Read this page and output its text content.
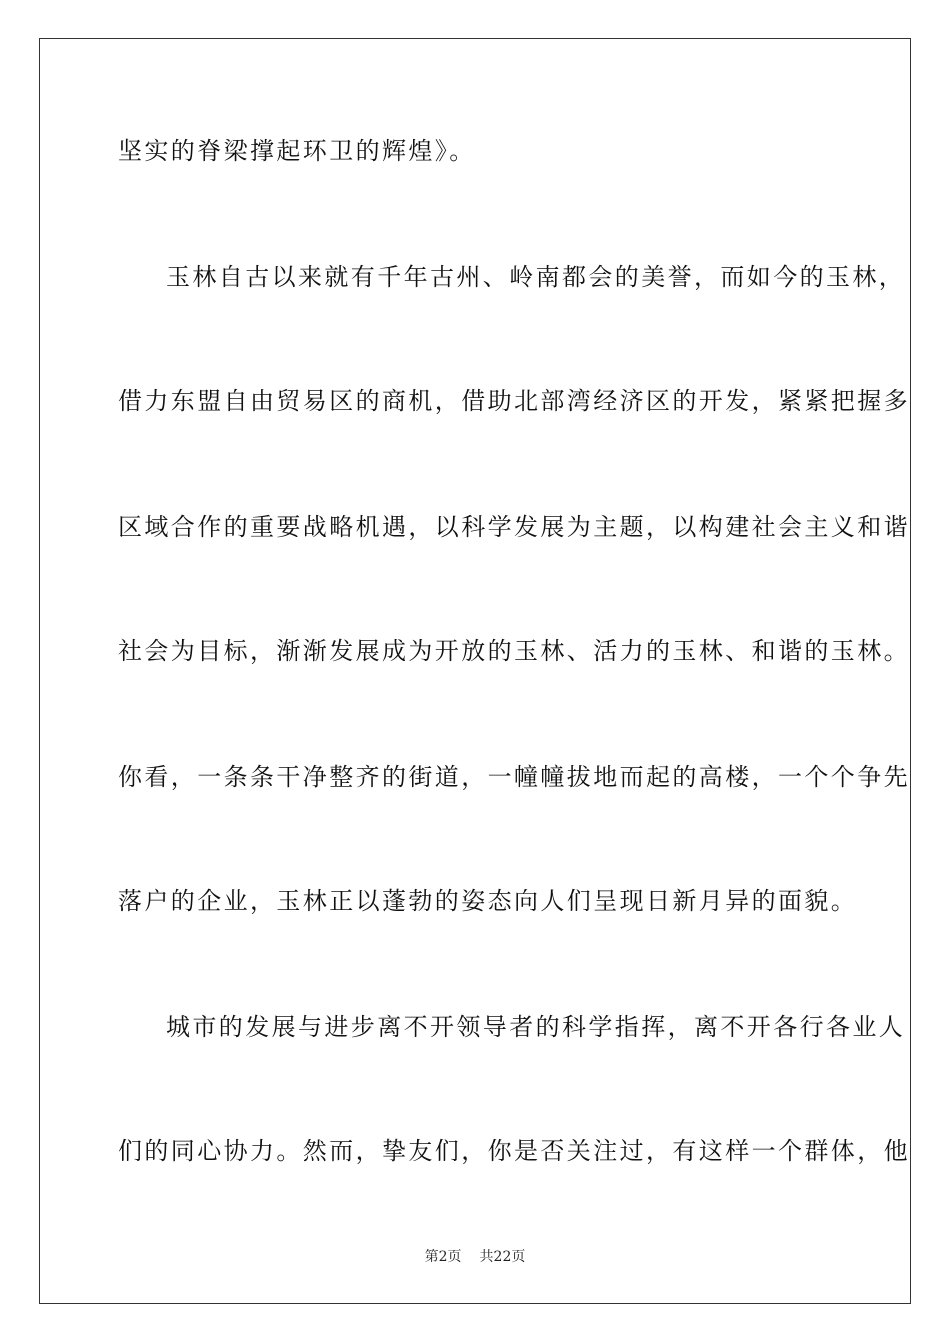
坚实的脊梁撑起环卫的辉煌》。
玉林自古以来就有千年古州、岭南都会的美誉，而如今的玉林，
借力东盟自由贸易区的商机，借助北部湾经济区的开发，紧紧把握多
区域合作的重要战略机遇，以科学发展为主题，以构建社会主义和谐
社会为目标，渐渐发展成为开放的玉林、活力的玉林、和谐的玉林。
你看，一条条干净整齐的街道，一幢幢拔地而起的高楼，一个个争先
落户的企业，玉林正以蓬勃的姿态向人们呈现日新月异的面貌。
城市的发展与进步离不开领导者的科学指挥，离不开各行各业人
们的同心协力。然而，挚友们，你是否关注过，有这样一个群体，他
第2页 共22页
